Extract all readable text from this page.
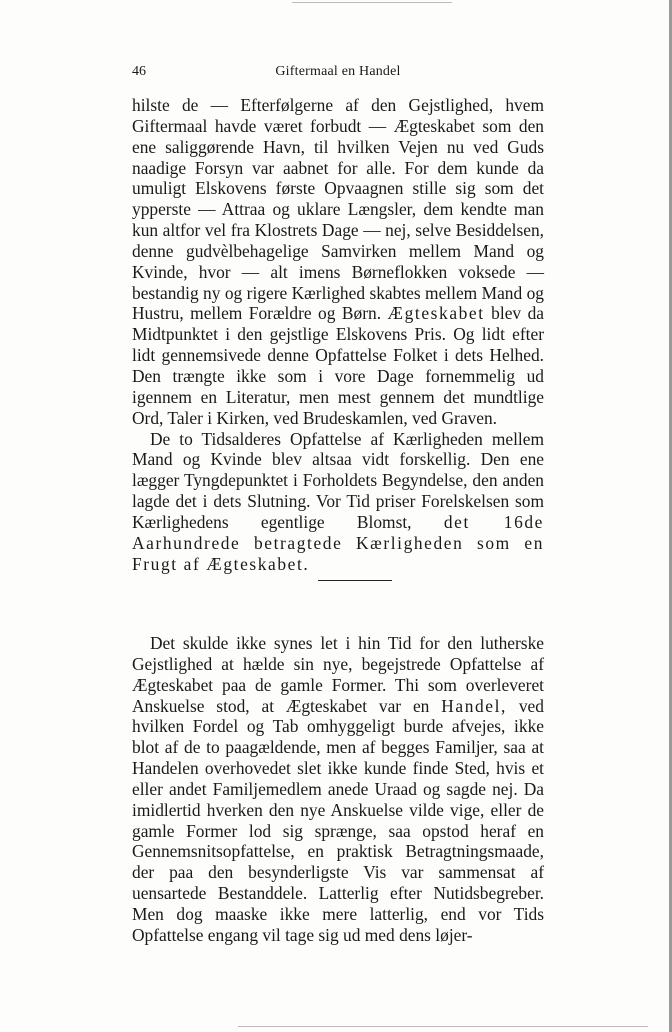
46	Giftermaal en Handel

hilste de — Efterfølgerne af den Gejstlighed, hvem Giftermaal havde været forbudt — Ægteskabet som den ene saliggørende Havn, til hvilken Vejen nu ved Guds naadige Forsyn var aabnet for alle. For dem kunde da umuligt Elskovens første Opvaagnen stille sig som det ypperste — Attraa og uklare Længsler, dem kendte man kun altfor vel fra Klostrets Dage — nej, selve Besiddelsen, denne gudvèlbehagelige Samvirken mellem Mand og Kvinde, hvor — alt imens Børneflokken voksede — bestandig ny og rigere Kærlighed skabtes mellem Mand og Hustru, mellem Forældre og Børn. Ægteskabet blev da Midtpunktet i den gejstlige Elskovens Pris. Og lidt efter lidt gennemsivede denne Opfattelse Folket i dets Helhed. Den trængte ikke som i vore Dage fornemmelig ud igennem en Literatur, men mest gennem det mundtlige Ord, Taler i Kirken, ved Brudeskamlen, ved Graven.

De to Tidsalderes Opfattelse af Kærligheden mellem Mand og Kvinde blev altsaa vidt forskellig. Den ene lægger Tyngdepunktet i Forholdets Begyndelse, den anden lagde det i dets Slutning. Vor Tid priser Forelskelsen som Kærlighedens egentlige Blomst, det 16de Aarhundrede betragtede Kærligheden som en Frugt af Ægteskabet.

Det skulde ikke synes let i hin Tid for den lutherske Gejstlighed at hælde sin nye, begejstrede Opfattelse af Ægteskabet paa de gamle Former. Thi som overleveret Anskuelse stod, at Ægteskabet var en Handel, ved hvilken Fordel og Tab omhyggeligt burde afvejes, ikke blot af de to paagældende, men af begges Familjer, saa at Handelen overhovedet slet ikke kunde finde Sted, hvis et eller andet Familjemedlem anede Uraad og sagde nej. Da imidlertid hverken den nye Anskuelse vilde vige, eller de gamle Former lod sig sprænge, saa opstod heraf en Gennemsnitsopfattelse, en praktisk Betragtningsmaade, der paa den besynderligste Vis var sammensat af uensartede Bestanddele. Latterlig efter Nutidsbegreber. Men dog maaske ikke mere latterlig, end vor Tids Opfattelse engang vil tage sig ud med dens løjer-
